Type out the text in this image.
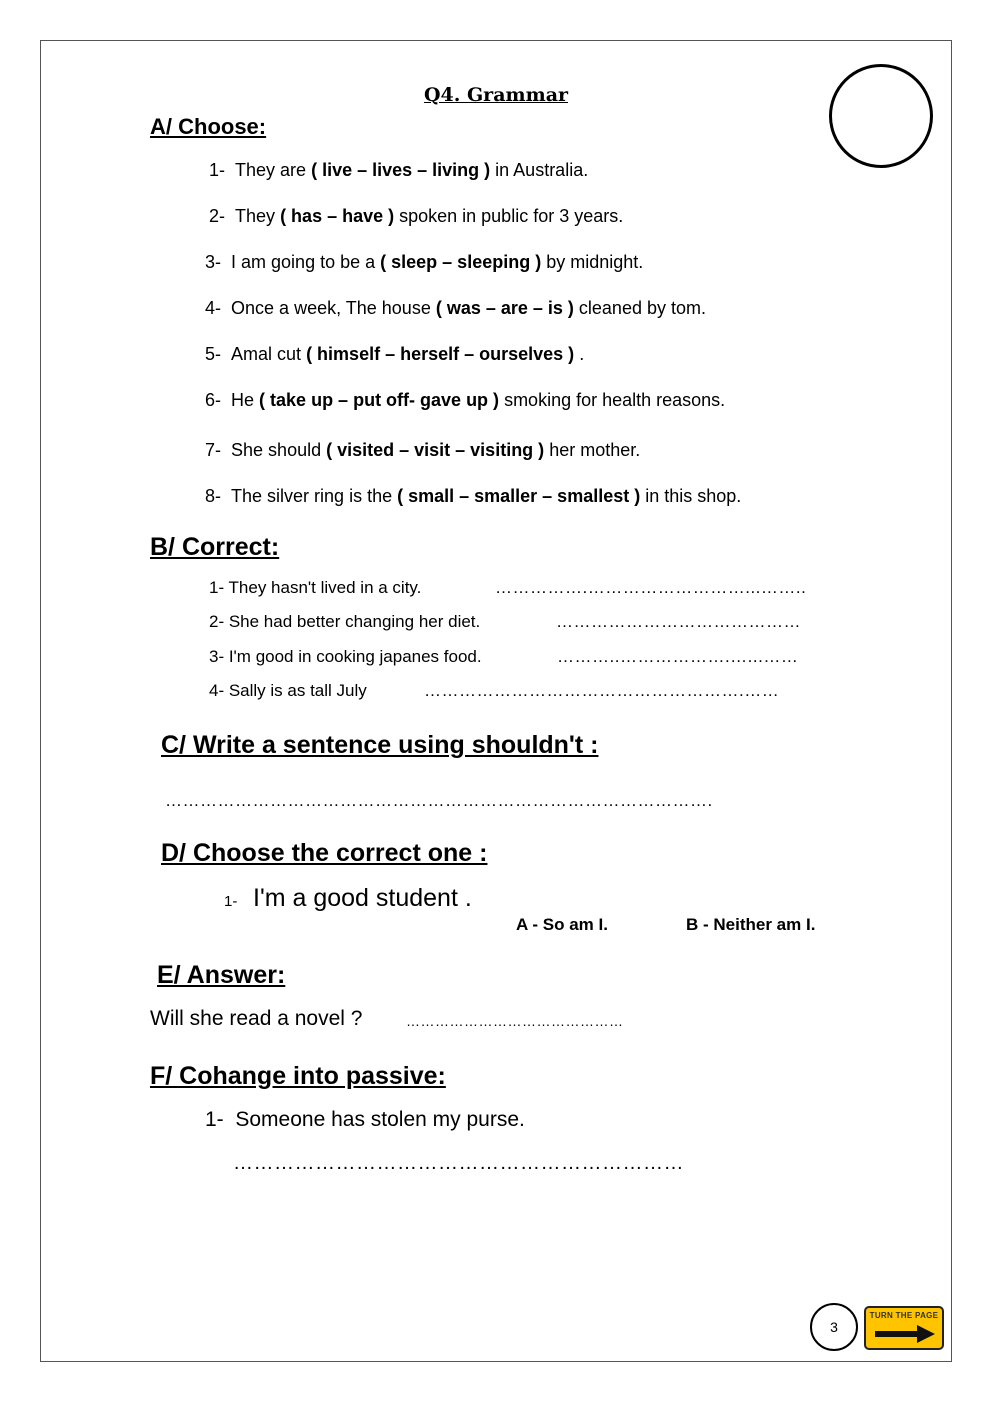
Q4. Grammar
A/ Choose:
1- They are ( live – lives – living ) in Australia.
2- They ( has – have ) spoken in public for 3 years.
3- I am going to be a ( sleep – sleeping ) by midnight.
4- Once a week, The house ( was – are – is ) cleaned by tom.
5- Amal cut ( himself – herself – ourselves ) .
6- He ( take up – put off- gave up ) smoking for health reasons.
7- She should ( visited – visit – visiting ) her mother.
8- The silver ring is the ( small – smaller – smallest ) in this shop.
B/ Correct:
1- They hasn't lived in a city.	…………….………………………...……..
2- She had better changing her diet.	……………………………………
3- I'm good in cooking japanes food.	………..……………….…...……
4- Sally is as tall July	……………………………………………….……
C/ Write a sentence using shouldn't :
………………………………………………………………………………….
D/ Choose the correct one :
1- I'm a good student .
A - So am I.	B - Neither am I.
E/ Answer:
Will she read a novel ?	………………………………………
F/ Cohange into passive:
1- Someone has stolen my purse.
…………………………………………………………
3
TURN THE PAGE
